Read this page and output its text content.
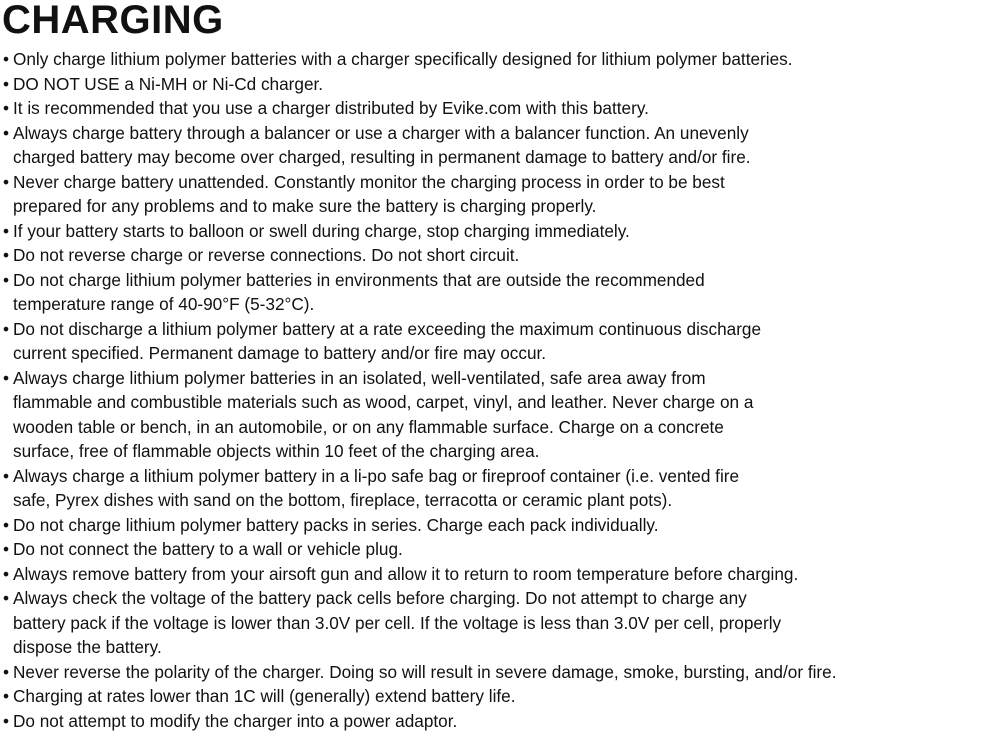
CHARGING
• Only charge lithium polymer batteries with a charger specifically designed for lithium polymer batteries.
• DO NOT USE a Ni-MH or Ni-Cd charger.
• It is recommended that you use a charger distributed by Evike.com with this battery.
• Always charge battery through a balancer or use a charger with a balancer function. An unevenly
charged battery may become over charged, resulting in permanent damage to battery and/or fire.
• Never charge battery unattended. Constantly monitor the charging process in order to be best
prepared for any problems and to make sure the battery is charging properly.
• If your battery starts to balloon or swell during charge, stop charging immediately.
• Do not reverse charge or reverse connections. Do not short circuit.
• Do not charge lithium polymer batteries in environments that are outside the recommended
temperature range of 40-90°F (5-32°C).
• Do not discharge a lithium polymer battery at a rate exceeding the maximum continuous discharge
current specified. Permanent damage to battery and/or fire may occur.
• Always charge lithium polymer batteries in an isolated, well-ventilated, safe area away from
flammable and combustible materials such as wood, carpet, vinyl, and leather. Never charge on a
wooden table or bench, in an automobile, or on any flammable surface. Charge on a concrete
surface, free of flammable objects within 10 feet of the charging area.
• Always charge a lithium polymer battery in a li-po safe bag or fireproof container (i.e. vented fire
safe, Pyrex dishes with sand on the bottom, fireplace, terracotta or ceramic plant pots).
• Do not charge lithium polymer battery packs in series. Charge each pack individually.
• Do not connect the battery to a wall or vehicle plug.
• Always remove battery from your airsoft gun and allow it to return to room temperature before charging.
• Always check the voltage of the battery pack cells before charging. Do not attempt to charge any
battery pack if the voltage is lower than 3.0V per cell. If the voltage is less than 3.0V per cell, properly
dispose the battery.
• Never reverse the polarity of the charger. Doing so will result in severe damage, smoke, bursting, and/or fire.
• Charging at rates lower than 1C will (generally) extend battery life.
• Do not attempt to modify the charger into a power adaptor.
